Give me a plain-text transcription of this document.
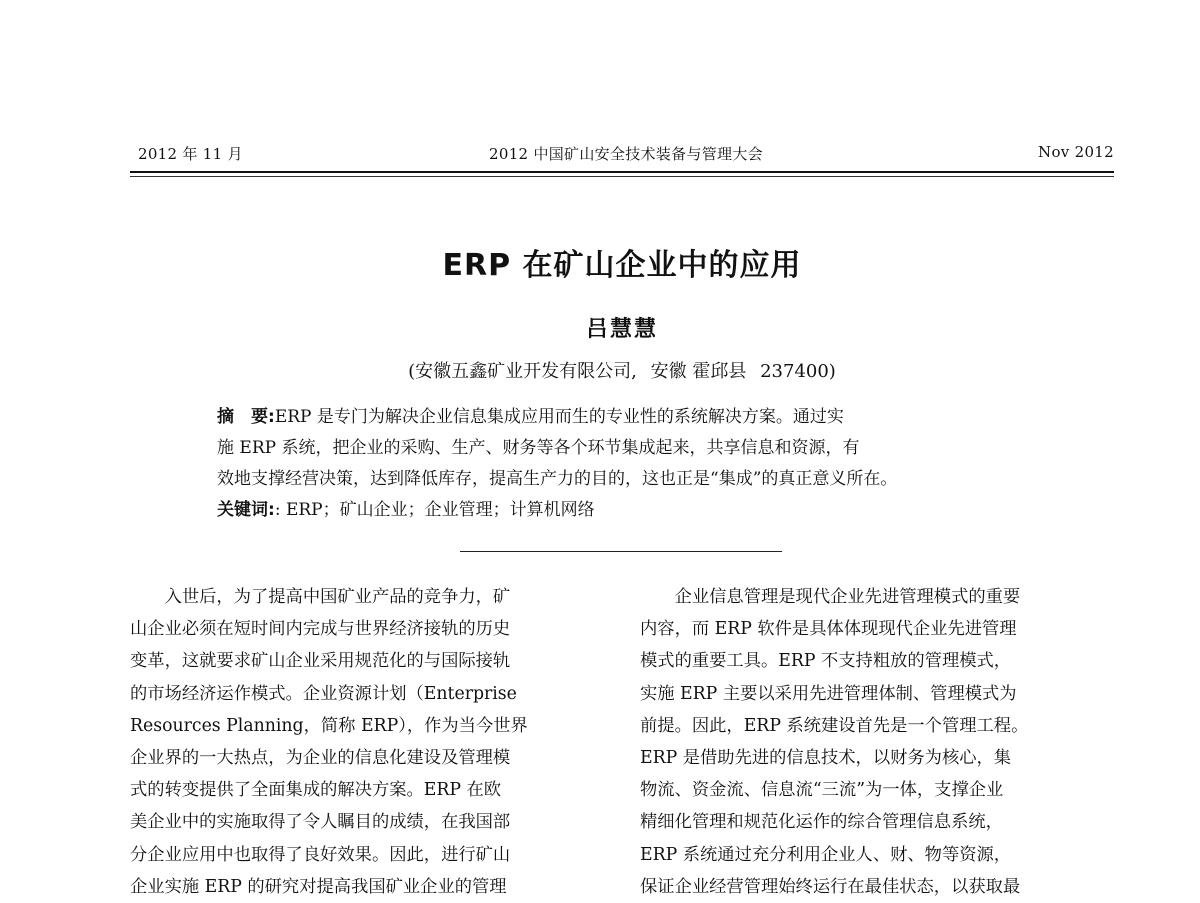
2012 年 11 月	2012 中国矿山安全技术装备与管理大会	Nov 2012
ERP 在矿山企业中的应用
吕慧慧
(安徽五鑫矿业开发有限公司, 安徽 霍邱县 237400)
摘　要:ERP 是专门为解决企业信息集成应用而生的专业性的系统解决方案。通过实
施 ERP 系统，把企业的采购、生产、财务等各个环节集成起来，共享信息和资源，有
效地支撑经营决策，达到降低库存，提高生产力的目的，这也正是“集成”的真正意义所在。
关键词:: ERP；矿山企业；企业管理；计算机网络
　　入世后，为了提高中国矿业产品的竞争力，矿
山企业必须在短时间内完成与世界经济接轨的历史
变革，这就要求矿山企业采用规范化的与国际接轨
的市场经济运作模式。企业资源计划（Enterprise
Resources Planning，简称 ERP），作为当今世界
企业界的一大热点，为企业的信息化建设及管理模
式的转变提供了全面集成的解决方案。ERP 在欧
美企业中的实施取得了令人瞩目的成绩，在我国部
分企业应用中也取得了良好效果。因此，进行矿山
企业实施 ERP 的研究对提高我国矿业企业的管理
　　企业信息管理是现代企业先进管理模式的重要
内容，而 ERP 软件是具体体现现代企业先进管理
模式的重要工具。ERP 不支持粗放的管理模式，
实施 ERP 主要以采用先进管理体制、管理模式为
前提。因此，ERP 系统建设首先是一个管理工程。
ERP 是借助先进的信息技术，以财务为核心，集
物流、资金流、信息流“三流”为一体，支撑企业
精细化管理和规范化运作的综合管理信息系统，
ERP 系统通过充分利用企业人、财、物等资源，
保证企业经营管理始终运行在最佳状态，以获取最
